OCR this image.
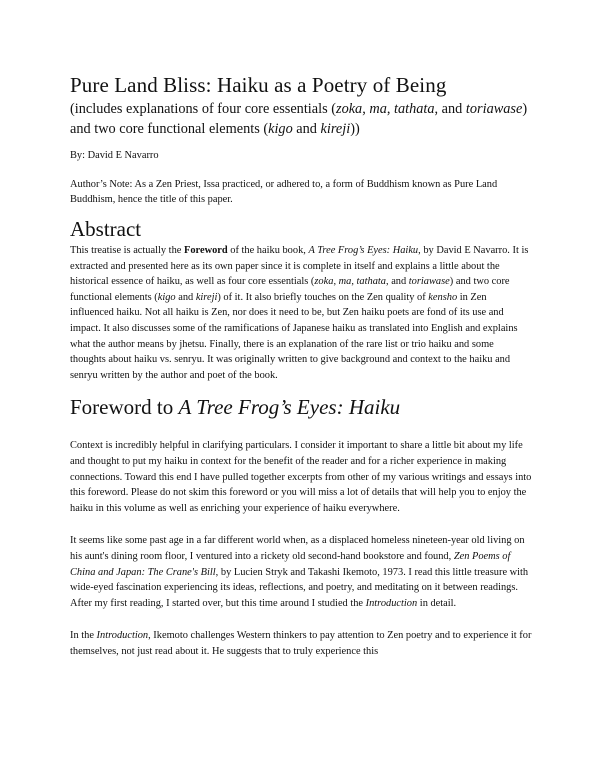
Pure Land Bliss: Haiku as a Poetry of Being

(includes explanations of four core essentials (zoka, ma, tathata, and toriawase) and two core functional elements (kigo and kireji))

By: David E Navarro

Author’s Note: As a Zen Priest, Issa practiced, or adhered to, a form of Buddhism known as Pure Land Buddhism, hence the title of this paper.

Abstract

This treatise is actually the Foreword of the haiku book, A Tree Frog’s Eyes: Haiku, by David E Navarro. It is extracted and presented here as its own paper since it is complete in itself and explains a little about the historical essence of haiku, as well as four core essentials (zoka, ma, tathata, and toriawase) and two core functional elements (kigo and kireji) of it. It also briefly touches on the Zen quality of kensho in Zen influenced haiku. Not all haiku is Zen, nor does it need to be, but Zen haiku poets are fond of its use and impact. It also discusses some of the ramifications of Japanese haiku as translated into English and explains what the author means by jhetsu. Finally, there is an explanation of the rare list or trio haiku and some thoughts about haiku vs. senryu. It was originally written to give background and context to the haiku and senryu written by the author and poet of the book.

Foreword to A Tree Frog’s Eyes: Haiku

Context is incredibly helpful in clarifying particulars. I consider it important to share a little bit about my life and thought to put my haiku in context for the benefit of the reader and for a richer experience in making connections. Toward this end I have pulled together excerpts from other of my various writings and essays into this foreword. Please do not skim this foreword or you will miss a lot of details that will help you to enjoy the haiku in this volume as well as enriching your experience of haiku everywhere.

It seems like some past age in a far different world when, as a displaced homeless nineteen-year old living on his aunt's dining room floor, I ventured into a rickety old second-hand bookstore and found, Zen Poems of China and Japan: The Crane's Bill, by Lucien Stryk and Takashi Ikemoto, 1973. I read this little treasure with wide-eyed fascination experiencing its ideas, reflections, and poetry, and meditating on it between readings. After my first reading, I started over, but this time around I studied the Introduction in detail.

In the Introduction, Ikemoto challenges Western thinkers to pay attention to Zen poetry and to experience it for themselves, not just read about it. He suggests that to truly experience this
